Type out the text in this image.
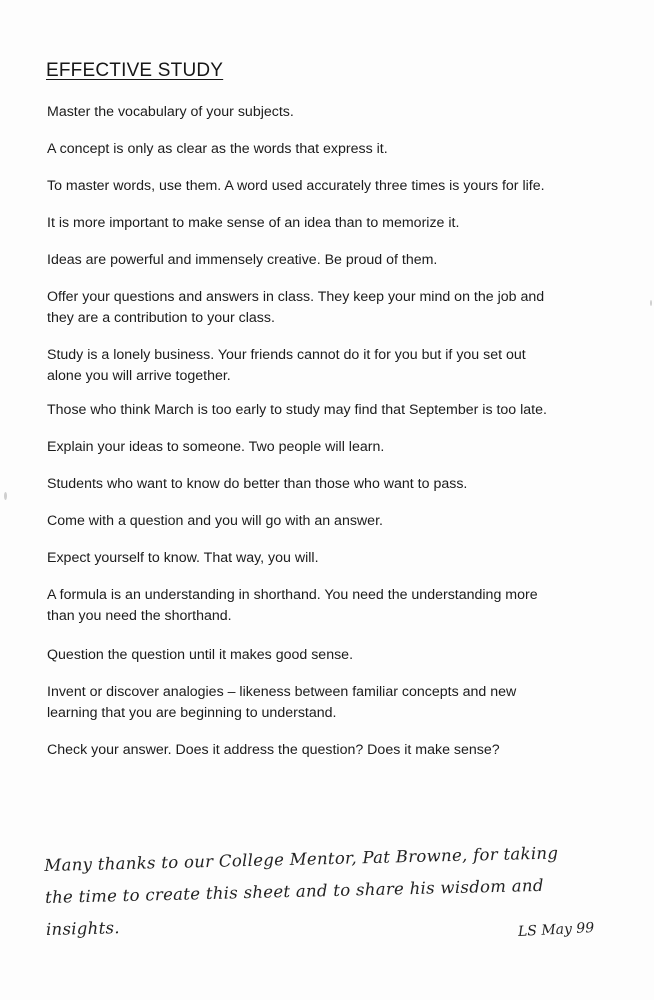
EFFECTIVE STUDY
Master the vocabulary of your subjects.
A concept is only as clear as the words that express it.
To master words, use them. A word used accurately three times is yours for life.
It is more important to make sense of an idea than to memorize it.
Ideas are powerful and immensely creative. Be proud of them.
Offer your questions and answers in class. They keep your mind on the job and
they are a contribution to your class.
Study is a lonely business. Your friends cannot do it for you but if you set out
alone you will arrive together.
Those who think March is too early to study may find that September is too late.
Explain your ideas to someone. Two people will learn.
Students who want to know do better than those who want to pass.
Come with a question and you will go with an answer.
Expect yourself to know. That way, you will.
A formula is an understanding in shorthand. You need the understanding more
than you need the shorthand.
Question the question until it makes good sense.
Invent or discover analogies – likeness between familiar concepts and new
learning that you are beginning to understand.
Check your answer. Does it address the question? Does it make sense?
Many thanks to our College Mentor, Pat Browne, for taking
the time to create this sheet and to share his wisdom and
insights.	LS May 99
